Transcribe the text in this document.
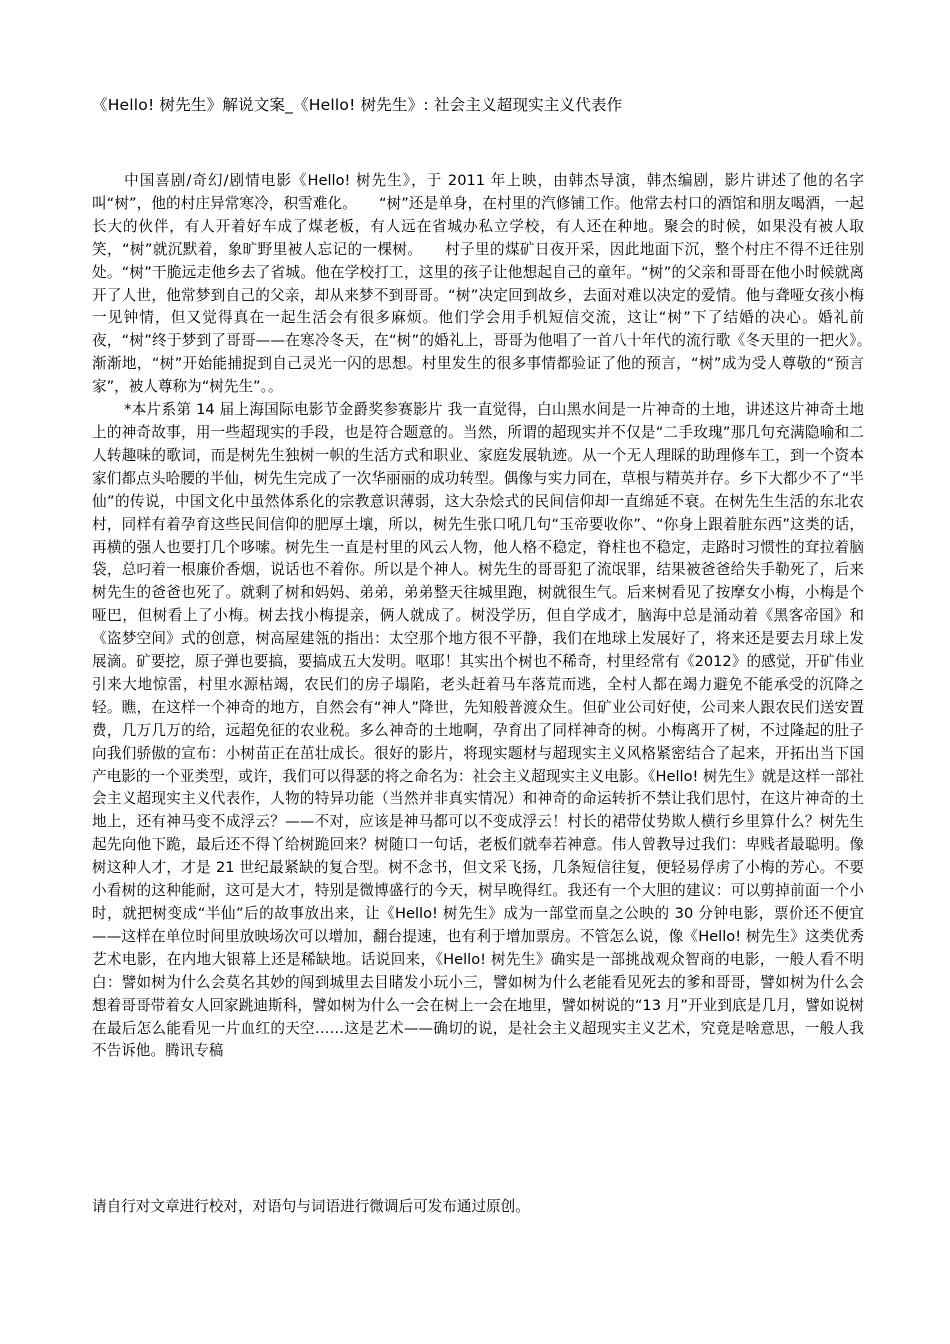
《Hello! 树先生》解说文案_《Hello! 树先生》: 社会主义超现实主义代表作

中国喜剧/奇幻/剧情电影《Hello! 树先生》，于 2011 年上映，由韩杰导演，韩杰编剧，影片讲述了他的名字叫“树”，他的村庄异常寒冷，积雪难化。　　“树”还是单身，在村里的汽修铺工作。他常去村口的酒馆和朋友喝酒，一起长大的伙伴，有人开着好车成了煤老板，有人远在省城办私立学校，有人还在种地。聚会的时候，如果没有被人取笑，“树”就沉默着，象旷野里被人忘记的一棵树。　　村子里的煤矿日夜开采，因此地面下沉，整个村庄不得不迁往别处。“树”干脆远走他乡去了省城。他在学校打工，这里的孩子让他想起自己的童年。“树”的父亲和哥哥在他小时候就离开了人世，他常梦到自己的父亲，却从来梦不到哥哥。“树”决定回到故乡，去面对难以决定的爱情。他与聋哑女孩小梅一见钟情，但又觉得真在一起生活会有很多麻烦。他们学会用手机短信交流，这让“树”下了结婚的决心。婚礼前夜，“树”终于梦到了哥哥——在寒冷冬天，在“树”的婚礼上，哥哥为他唱了一首八十年代的流行歌《冬天里的一把火》。　　渐渐地，“树”开始能捕捉到自己灵光一闪的思想。村里发生的很多事情都验证了他的预言，“树”成为受人尊敬的“预言家”，被人尊称为“树先生”。。

*本片系第 14 届上海国际电影节金爵奖参赛影片 我一直觉得，白山黑水间是一片神奇的土地，讲述这片神奇土地上的神奇故事，用一些超现实的手段，也是符合题意的。当然，所谓的超现实并不仅是“二手玫瑰”那几句充满隐喻和二人转趣味的歌词，而是树先生独树一帜的生活方式和职业、家庭发展轨迹。从一个无人理睬的助理修车工，到一个资本家们都点头哈腰的半仙，树先生完成了一次华丽丽的成功转型。偶像与实力同在，草根与精英并存。乡下大都少不了“半仙”的传说，中国文化中虽然体系化的宗教意识薄弱，这大杂烩式的民间信仰却一直绵延不衰。在树先生生活的东北农村，同样有着孕育这些民间信仰的肥厚土壤，所以，树先生张口吼几句“玉帝要收你”、“你身上跟着脏东西”这类的话，再横的强人也要打几个哆嗦。树先生一直是村里的风云人物，他人格不稳定，脊柱也不稳定，走路时习惯性的耷拉着脑袋，总叼着一根廉价香烟，说话也不着你。所以是个神人。树先生的哥哥犯了流氓罪，结果被爸爸给失手勒死了，后来树先生的爸爸也死了。就剩了树和妈妈、弟弟，弟弟整天往城里跑，树就很生气。后来树看见了按摩女小梅，小梅是个哑巴，但树看上了小梅。树去找小梅提亲，俩人就成了。树没学历，但自学成才，脑海中总是涌动着《黑客帝国》和《盗梦空间》式的创意，树高屋建瓴的指出：太空那个地方很不平静，我们在地球上发展好了，将来还是要去月球上发展滴。矿要挖，原子弹也要搞，要搞成五大发明。呕耶！其实出个树也不稀奇，村里经常有《2012》的感觉，开矿伟业引来大地惊雷，村里水源枯竭，农民们的房子塌陷，老头赶着马车落荒而逃，全村人都在竭力避免不能承受的沉降之轻。瞧，在这样一个神奇的地方，自然会有“神人”降世，先知般普渡众生。但矿业公司好使，公司来人跟农民们送安置费，几万几万的给，远超免征的农业税。多么神奇的土地啊，孕育出了同样神奇的树。小梅离开了树，不过隆起的肚子向我们骄傲的宣布：小树苗正在茁壮成长。很好的影片，将现实题材与超现实主义风格紧密结合了起来，开拓出当下国产电影的一个亚类型，或许，我们可以得瑟的将之命名为：社会主义超现实主义电影。《Hello! 树先生》就是这样一部社会主义超现实主义代表作，人物的特异功能（当然并非真实情况）和神奇的命运转折不禁让我们思忖，在这片神奇的土地上，还有神马变不成浮云？——不对，应该是神马都可以不变成浮云！村长的裙带仗势欺人横行乡里算什么？树先生起先向他下跪，最后还不得丫给树跪回来？树随口一句话，老板们就奉若神意。伟人曾教导过我们：卑贱者最聪明。像树这种人才，才是 21 世纪最紧缺的复合型。树不念书，但文采飞扬，几条短信往复，便轻易俘虏了小梅的芳心。不要小看树的这种能耐，这可是大才，特别是微博盛行的今天，树早晚得红。我还有一个大胆的建议：可以剪掉前面一个小时，就把树变成“半仙”后的故事放出来，让《Hello! 树先生》成为一部堂而皇之公映的 30 分钟电影，票价还不便宜——这样在单位时间里放映场次可以增加，翻台提速，也有利于增加票房。不管怎么说，像《Hello! 树先生》这类优秀艺术电影，在内地大银幕上还是稀缺地。话说回来，《Hello! 树先生》确实是一部挑战观众智商的电影，一般人看不明白：譬如树为什么会莫名其妙的闯到城里去目睹发小玩小三，譬如树为什么老能看见死去的爹和哥哥，譬如树为什么会想着哥哥带着女人回家跳迪斯科，譬如树为什么一会在树上一会在地里，譬如树说的“13 月”开业到底是几月，譬如说树在最后怎么能看见一片血红的天空……这是艺术——确切的说，是社会主义超现实主义艺术，究竟是啥意思，一般人我不告诉他。腾讯专稿

请自行对文章进行校对，对语句与词语进行微调后可发布通过原创。
